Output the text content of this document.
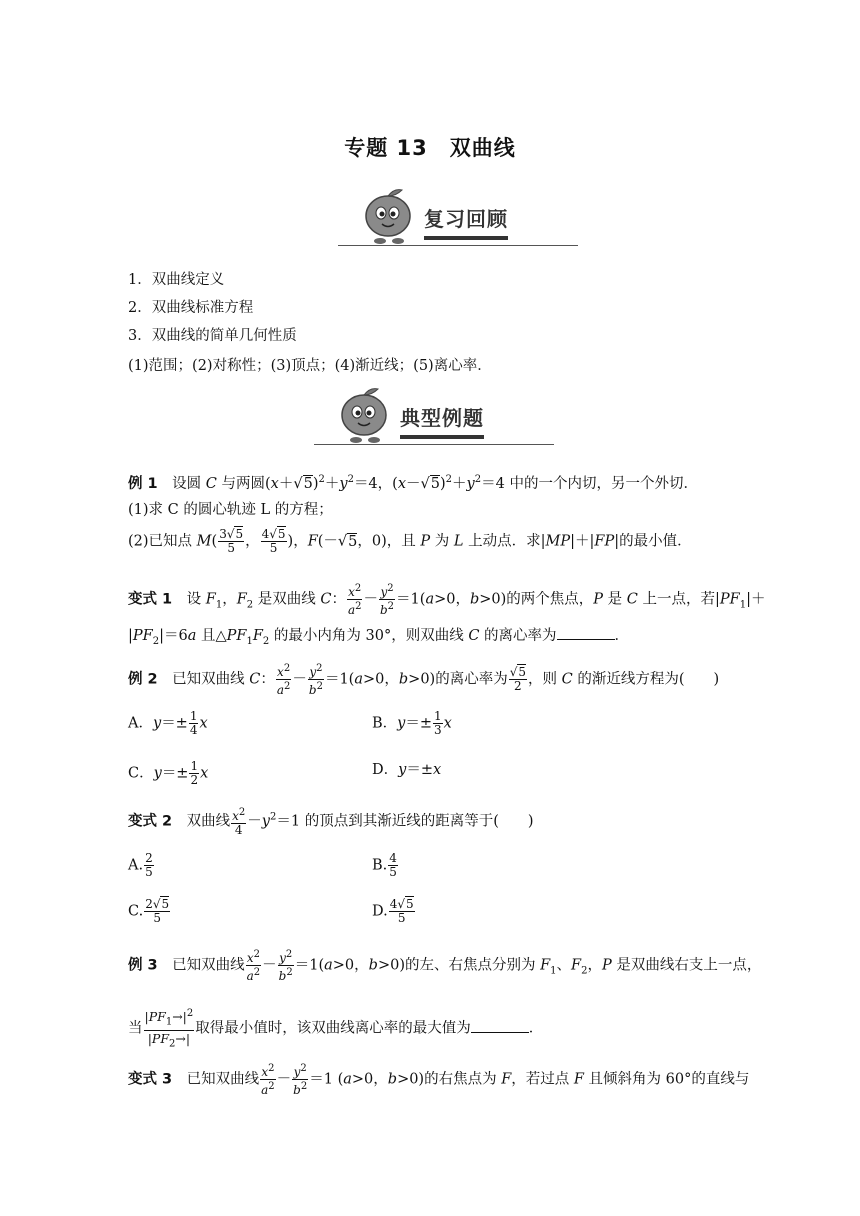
专题 13　双曲线
复习回顾
1．双曲线定义
2．双曲线标准方程
3．双曲线的简单几何性质
(1)范围；(2)对称性；(3)顶点；(4)渐近线；(5)离心率．
典型例题
例 1　设圆 C 与两圆$(x+√5)^2+y^2=4$，$(x-√5)^2+y^2=4$ 中的一个内切，另一个外切．
(1)求 C 的圆心轨迹 L 的方程；
(2)已知点 $M( \frac{3√5}{5}$ ， $\frac{4√5}{5}$ )，F(－√5，0)，且 P 为 L 上动点．求|MP|＋|FP|的最小值．
变式 1　设 $F_1$，$F_2$ 是双曲线 C： $\frac{x^2}{a^2} - \frac{y^2}{b^2} =1(a>0$，b>0)的两个焦点，P 是 C 上一点，若$|PF_1|+$
$|PF_2|=6a$ 且$\triangle PF_1F_2$ 的最小内角为 30°，则双曲线 C 的离心率为	．
例 2　已知双曲线 C： $\frac{x^2}{a^2} - \frac{y^2}{b^2} =1(a>0$，b>0)的离心率为 $\frac{√5}{2}$ ，则 C 的渐近线方程为(　　)
A．$y=\pm \frac{1}{4}$ x	B．$y=\pm \frac{1}{3}$ x
C．$y=\pm \frac{1}{2}$ x	D．y＝±x
变式 2　双曲线 $\frac{x^2}{4} -y^2=1$ 的顶点到其渐近线的距离等于(　　)
A. $\frac{2}{5}$	B. $\frac{4}{5}$
C. $\frac{2√5}{5}$	D. $\frac{4√5}{5}$
例 3　已知双曲线 $\frac{x^2}{a^2} - \frac{y^2}{b^2} =1(a>0$，b>0)的左、右焦点分别为 $F_1$、$F_2$，P 是双曲线右支上一点，
当 $\frac{|PF_1\to|^2}{|PF_2\to|}$ 取得最小值时，该双曲线离心率的最大值为	．
变式 3　已知双曲线 $\frac{x^2}{a^2} - \frac{y^2}{b^2} =1$ (a>0，b>0)的右焦点为 F，若过点 F 且倾斜角为 60°的直线与
